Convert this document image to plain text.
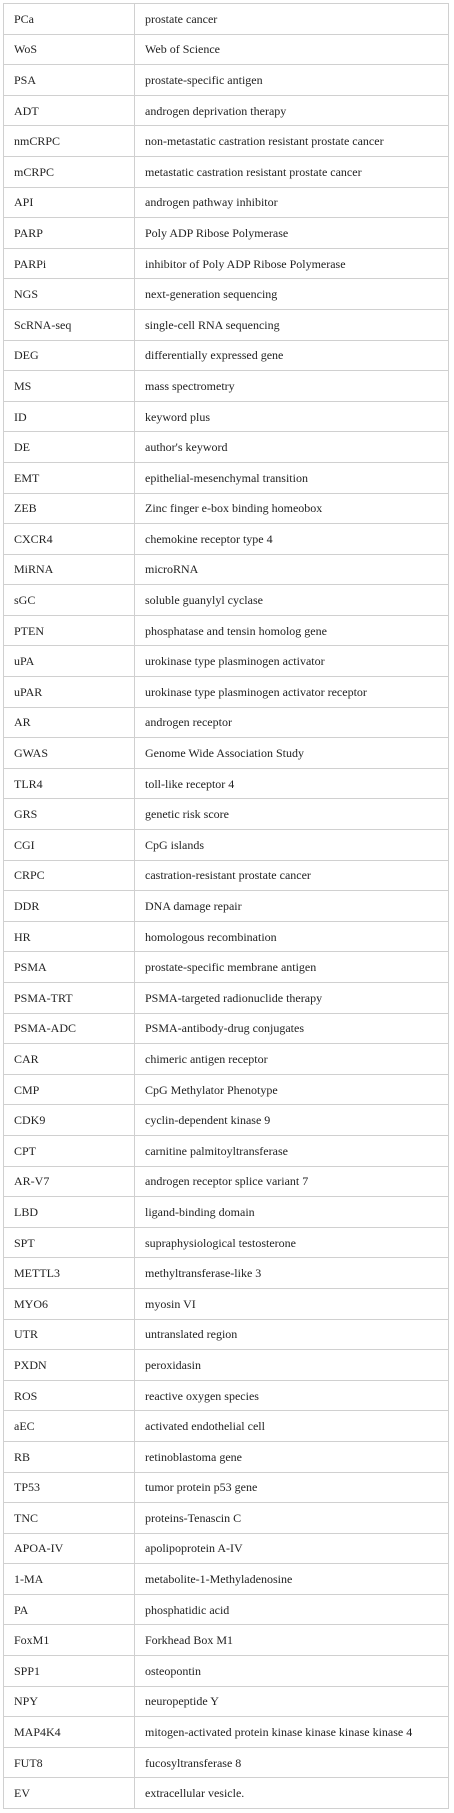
PCa	prostate cancer
WoS	Web of Science
PSA	prostate-specific antigen
ADT	androgen deprivation therapy
nmCRPC	non-metastatic castration resistant prostate cancer
mCRPC	metastatic castration resistant prostate cancer
API	androgen pathway inhibitor
PARP	Poly ADP Ribose Polymerase
PARPi	inhibitor of Poly ADP Ribose Polymerase
NGS	next-generation sequencing
ScRNA-seq	single-cell RNA sequencing
DEG	differentially expressed gene
MS	mass spectrometry
ID	keyword plus
DE	author's keyword
EMT	epithelial-mesenchymal transition
ZEB	Zinc finger e-box binding homeobox
CXCR4	chemokine receptor type 4
MiRNA	microRNA
sGC	soluble guanylyl cyclase
PTEN	phosphatase and tensin homolog gene
uPA	urokinase type plasminogen activator
uPAR	urokinase type plasminogen activator receptor
AR	androgen receptor
GWAS	Genome Wide Association Study
TLR4	toll-like receptor 4
GRS	genetic risk score
CGI	CpG islands
CRPC	castration-resistant prostate cancer
DDR	DNA damage repair
HR	homologous recombination
PSMA	prostate-specific membrane antigen
PSMA-TRT	PSMA-targeted radionuclide therapy
PSMA-ADC	PSMA-antibody-drug conjugates
CAR	chimeric antigen receptor
CMP	CpG Methylator Phenotype
CDK9	cyclin-dependent kinase 9
CPT	carnitine palmitoyltransferase
AR-V7	androgen receptor splice variant 7
LBD	ligand-binding domain
SPT	supraphysiological testosterone
METTL3	methyltransferase-like 3
MYO6	myosin VI
UTR	untranslated region
PXDN	peroxidasin
ROS	reactive oxygen species
aEC	activated endothelial cell
RB	retinoblastoma gene
TP53	tumor protein p53 gene
TNC	proteins-Tenascin C
APOA-IV	apolipoprotein A-IV
1-MA	metabolite-1-Methyladenosine
PA	phosphatidic acid
FoxM1	Forkhead Box M1
SPP1	osteopontin
NPY	neuropeptide Y
MAP4K4	mitogen-activated protein kinase kinase kinase kinase 4
FUT8	fucosyltransferase 8
EV	extracellular vesicle.
